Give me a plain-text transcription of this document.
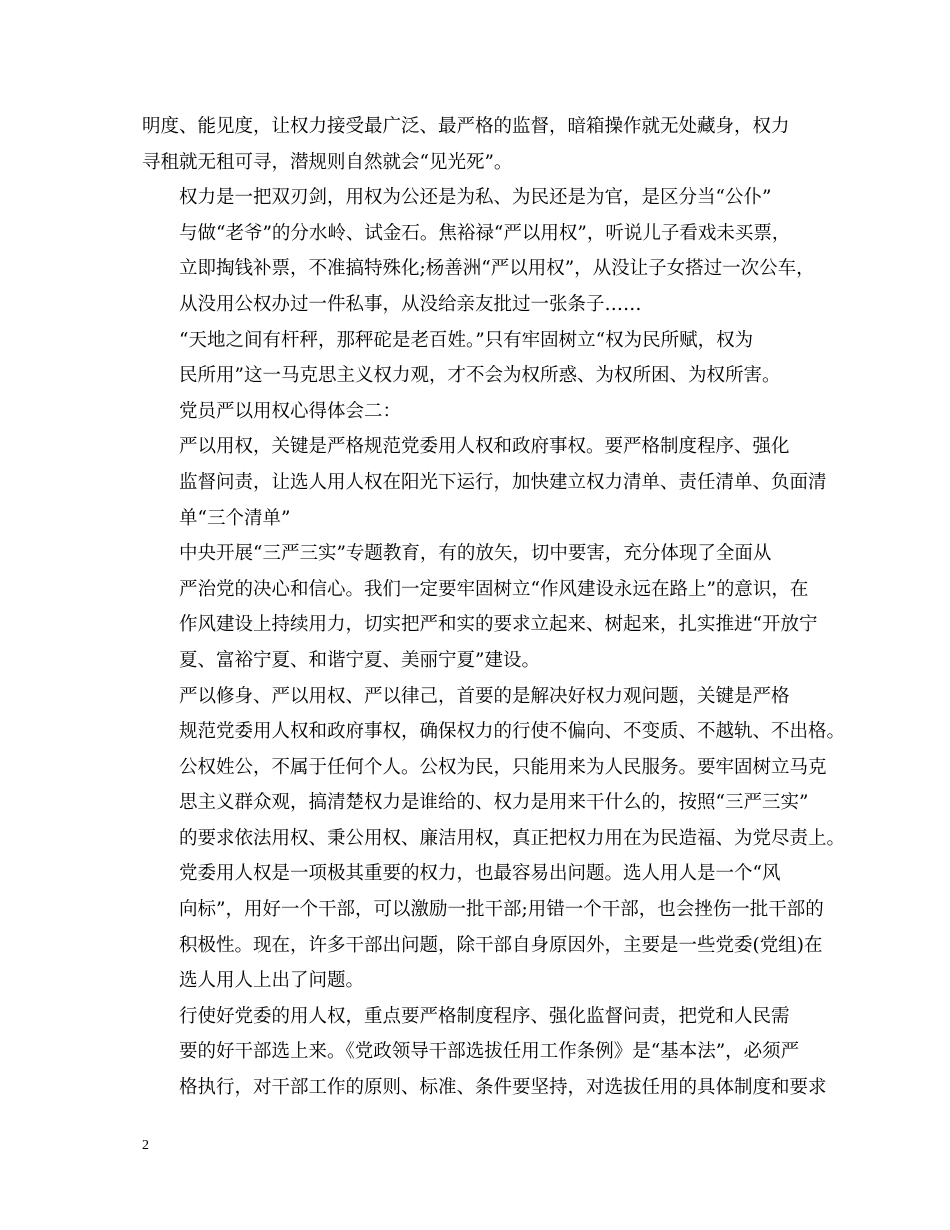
明度、能见度，让权力接受最广泛、最严格的监督，暗箱操作就无处藏身，权力
寻租就无租可寻，潜规则自然就会“见光死”。

权力是一把双刃剑，用权为公还是为私、为民还是为官，是区分当“公仆”
与做“老爷”的分水岭、试金石。焦裕禄“严以用权”，听说儿子看戏未买票，
立即掏钱补票，不准搞特殊化;杨善洲“严以用权”，从没让子女搭过一次公车，
从没用公权办过一件私事，从没给亲友批过一张条子……

“天地之间有杆秤，那秤砣是老百姓。”只有牢固树立“权为民所赋，权为
民所用”这一马克思主义权力观，才不会为权所惑、为权所困、为权所害。

党员严以用权心得体会二：

严以用权，关键是严格规范党委用人权和政府事权。要严格制度程序、强化
监督问责，让选人用人权在阳光下运行，加快建立权力清单、责任清单、负面清
单“三个清单”

中央开展“三严三实”专题教育，有的放矢，切中要害，充分体现了全面从
严治党的决心和信心。我们一定要牢固树立“作风建设永远在路上”的意识，在
作风建设上持续用力，切实把严和实的要求立起来、树起来，扎实推进“开放宁
夏、富裕宁夏、和谐宁夏、美丽宁夏”建设。

严以修身、严以用权、严以律己，首要的是解决好权力观问题，关键是严格
规范党委用人权和政府事权，确保权力的行使不偏向、不变质、不越轨、不出格。
公权姓公，不属于任何个人。公权为民，只能用来为人民服务。要牢固树立马克
思主义群众观，搞清楚权力是谁给的、权力是用来干什么的，按照“三严三实”
的要求依法用权、秉公用权、廉洁用权，真正把权力用在为民造福、为党尽责上。

党委用人权是一项极其重要的权力，也最容易出问题。选人用人是一个“风
向标”，用好一个干部，可以激励一批干部;用错一个干部，也会挫伤一批干部的
积极性。现在，许多干部出问题，除干部自身原因外，主要是一些党委(党组)在
选人用人上出了问题。

行使好党委的用人权，重点要严格制度程序、强化监督问责，把党和人民需
要的好干部选上来。《党政领导干部选拔任用工作条例》是“基本法”，必须严
格执行，对干部工作的原则、标准、条件要坚持，对选拔任用的具体制度和要求

2
